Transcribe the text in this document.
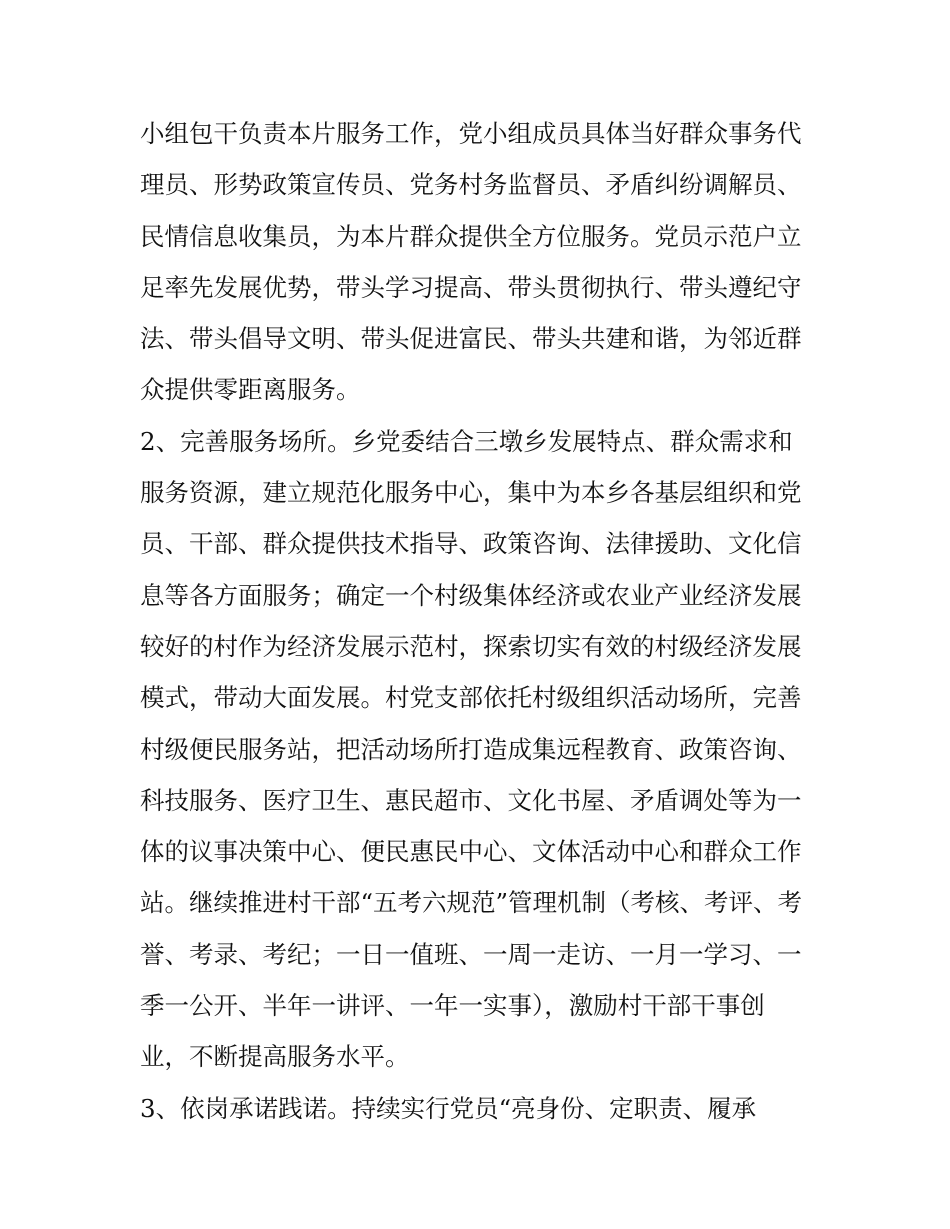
小组包干负责本片服务工作，党小组成员具体当好群众事务代
理员、形势政策宣传员、党务村务监督员、矛盾纠纷调解员、
民情信息收集员，为本片群众提供全方位服务。党员示范户立
足率先发展优势，带头学习提高、带头贯彻执行、带头遵纪守
法、带头倡导文明、带头促进富民、带头共建和谐，为邻近群
众提供零距离服务。
2、完善服务场所。乡党委结合三墩乡发展特点、群众需求和
服务资源，建立规范化服务中心，集中为本乡各基层组织和党
员、干部、群众提供技术指导、政策咨询、法律援助、文化信
息等各方面服务；确定一个村级集体经济或农业产业经济发展
较好的村作为经济发展示范村，探索切实有效的村级经济发展
模式，带动大面发展。村党支部依托村级组织活动场所，完善
村级便民服务站，把活动场所打造成集远程教育、政策咨询、
科技服务、医疗卫生、惠民超市、文化书屋、矛盾调处等为一
体的议事决策中心、便民惠民中心、文体活动中心和群众工作
站。继续推进村干部“五考六规范”管理机制（考核、考评、考
誉、考录、考纪；一日一值班、一周一走访、一月一学习、一
季一公开、半年一讲评、一年一实事），激励村干部干事创
业，不断提高服务水平。
3、依岗承诺践诺。持续实行党员“亮身份、定职责、履承
